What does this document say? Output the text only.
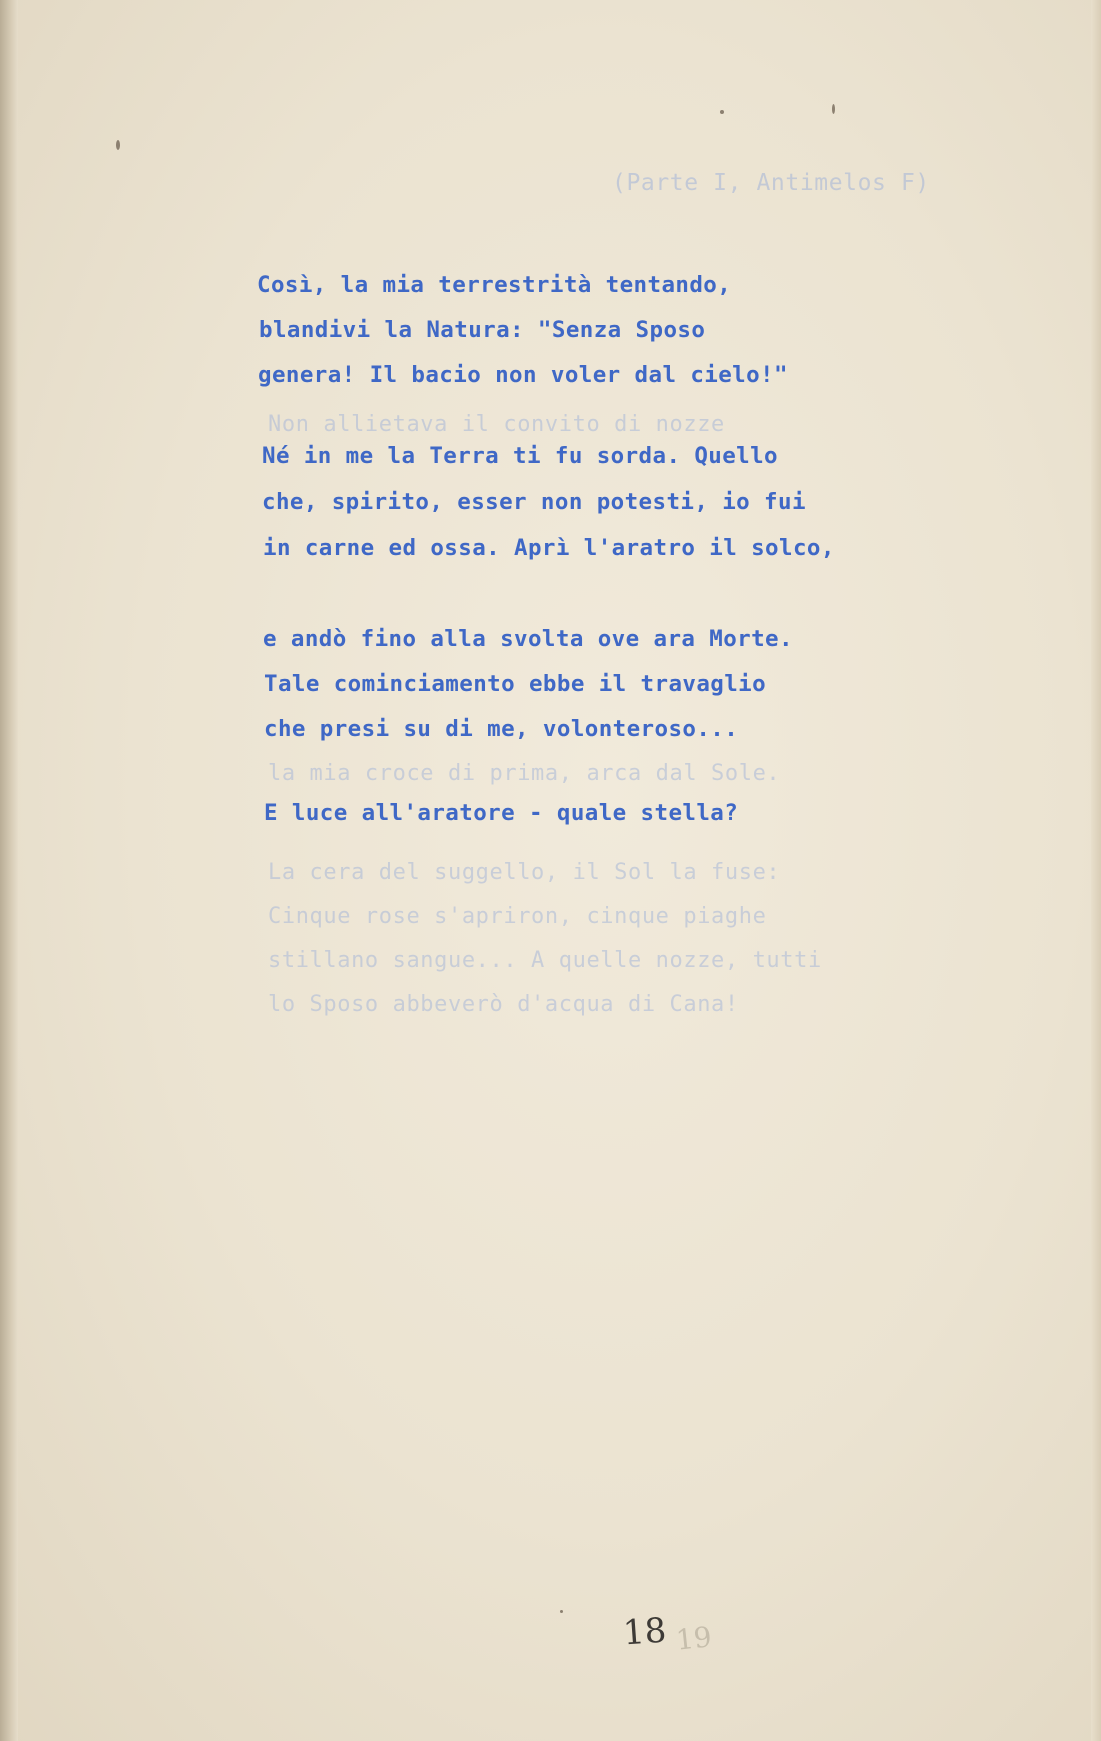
(Parte I, Antimelos F)
Non allietava il convito di nozze
la mia croce di prima, arca dal Sole.
La cera del suggello, il Sol la fuse:
Cinque rose s'apriron, cinque piaghe
stillano sangue... A quelle nozze, tutti
lo Sposo abbeverò d'acqua di Cana!
Così, la mia terrestrità tentando,
blandivi la Natura: "Senza Sposo
genera! Il bacio non voler dal cielo!"
Né in me la Terra ti fu sorda. Quello
che, spirito, esser non potesti, io fui
in carne ed ossa. Aprì l'aratro il solco,
e andò fino alla svolta ove ara Morte.
Tale cominciamento ebbe il travaglio
che presi su di me, volonteroso...
E luce all'aratore - quale stella?
18 19
